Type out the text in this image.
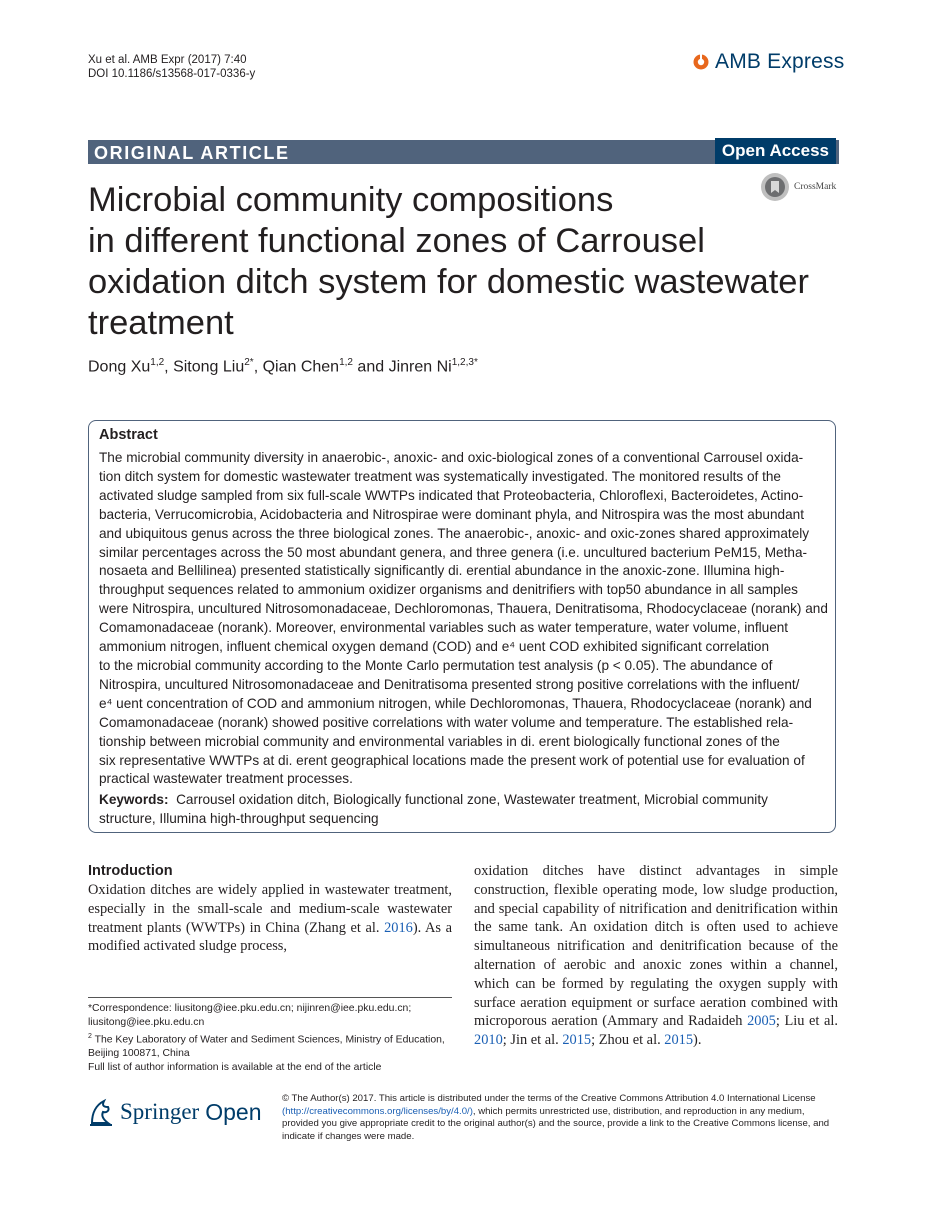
Xu et al. AMB Expr (2017) 7:40
DOI 10.1186/s13568-017-0336-y
AMB Express
ORIGINAL ARTICLE	Open Access
CrossMark
Microbial community compositions
in different functional zones of Carrousel
oxidation ditch system for domestic wastewater
treatment
Dong Xu$^{1,2}$, Sitong Liu$^{2*}$, Qian Chen$^{1,2}$ and Jinren $Ni^{1,2,3*}$
Abstract
The microbial community diversity in anaerobic-, anoxic- and oxic-biological zones of a conventional Carrousel oxida-
tion ditch system for domestic wastewater treatment was systematically investigated. The monitored results of the
activated sludge sampled from six full-scale WWTPs indicated that Proteobacteria, Chloroflexi, Bacteroidetes, Actino-
bacteria, Verrucomicrobia, Acidobacteria and Nitrospirae were dominant phyla, and Nitrospira was the most abundant
and ubiquitous genus across the three biological zones. The anaerobic-, anoxic- and oxic-zones shared approximately
similar percentages across the 50 most abundant genera, and three genera (i.e. uncultured bacterium PeM15, Metha-
nosaeta and Bellilinea) presented statistically significantly di. erential abundance in the anoxic-zone. Illumina high-
throughput sequences related to ammonium oxidizer organisms and denitrifiers with top50 abundance in all samples
were Nitrospira, uncultured Nitrosomonadaceae, Dechloromonas, Thauera, Denitratisoma, Rhodocyclaceae (norank) and
Comamonadaceae (norank). Moreover, environmental variables such as water temperature, water volume, influent
ammonium nitrogen, influent chemical oxygen demand (COD) and e⁴ uent COD exhibited significant correlation
to the microbial community according to the Monte Carlo permutation test analysis (p < 0.05). The abundance of
Nitrospira, uncultured Nitrosomonadaceae and Denitratisoma presented strong positive correlations with the influent/
e⁴ uent concentration of COD and ammonium nitrogen, while Dechloromonas, Thauera, Rhodocyclaceae (norank) and
Comamonadaceae (norank) showed positive correlations with water volume and temperature. The established rela-
tionship between microbial community and environmental variables in di. erent biologically functional zones of the
six representative WWTPs at di. erent geographical locations made the present work of potential use for evaluation of
practical wastewater treatment processes.
Keywords: Carrousel oxidation ditch, Biologically functional zone, Wastewater treatment, Microbial community structure, Illumina high-throughput sequencing
Introduction
Oxidation ditches are widely applied in wastewater treatment, especially in the small-scale and medium-scale wastewater treatment plants (WWTPs) in China (Zhang et al. 2016). As a modified activated sludge process,
oxidation ditches have distinct advantages in simple construction, flexible operating mode, low sludge production, and special capability of nitrification and denitrification within the same tank. An oxidation ditch is often used to achieve simultaneous nitrification and denitrification because of the alternation of aerobic and anoxic zones within a channel, which can be formed by regulating the oxygen supply with surface aeration equipment or surface aeration combined with microporous aeration (Ammary and Radaideh 2005; Liu et al. 2010; Jin et al. 2015; Zhou et al. 2015).
*Correspondence: liusitong@iee.pku.edu.cn; nijinren@iee.pku.edu.cn; liusitong@iee.pku.edu.cn
$^2$ The Key Laboratory of Water and Sediment Sciences, Ministry of Education, Beijing 100871, China
Full list of author information is available at the end of the article
Springer Open © The Author(s) 2017. This article is distributed under the terms of the Creative Commons Attribution 4.0 International License (http://creativecommons.org/licenses/by/4.0/), which permits unrestricted use, distribution, and reproduction in any medium, provided you give appropriate credit to the original author(s) and the source, provide a link to the Creative Commons license, and indicate if changes were made.
